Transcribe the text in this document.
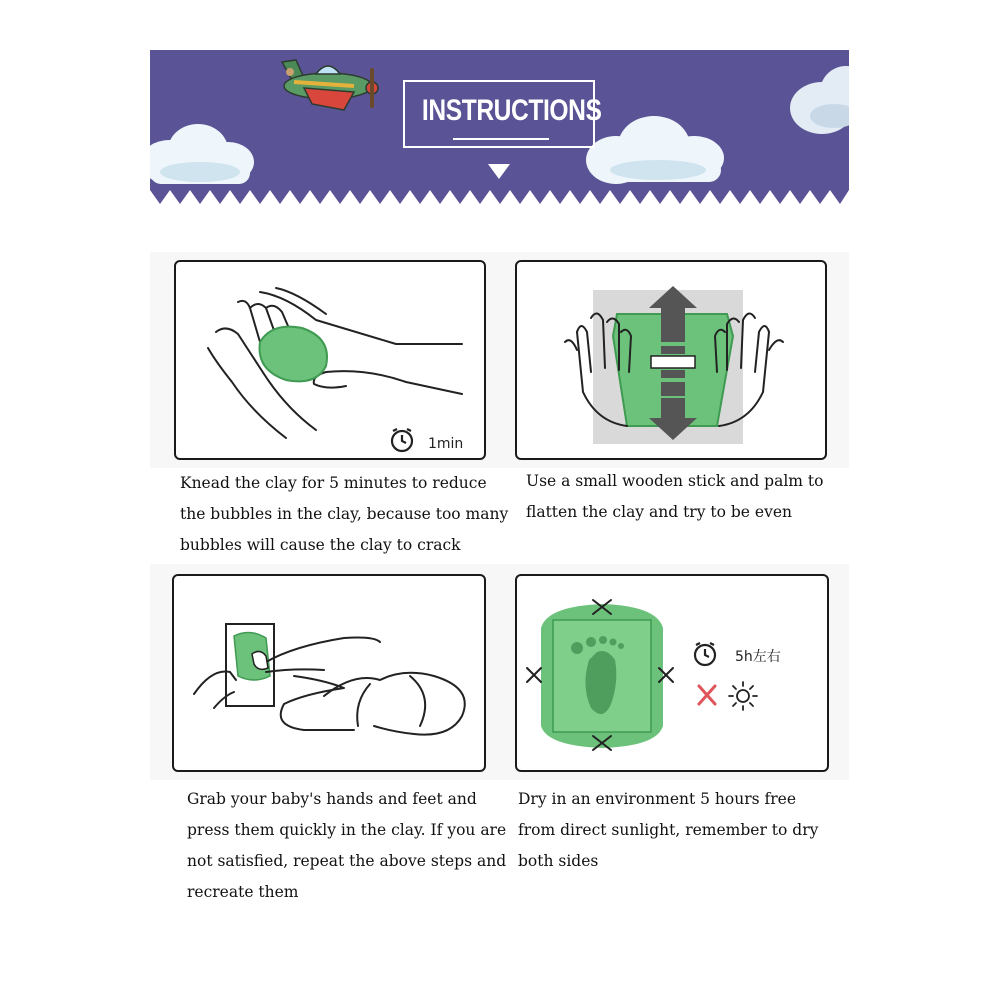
INSTRUCTIONS
1min
Knead the clay for 5 minutes to reduce
the bubbles in the clay, because too many
bubbles will cause the clay to crack
Use a small wooden stick and palm to
flatten the clay and try to be even
Grab your baby's hands and feet and
press them quickly in the clay. If you are
not satisfied, repeat the above steps and
recreate them
5h左右
Dry in an environment 5 hours free
from direct sunlight, remember to dry
both sides
